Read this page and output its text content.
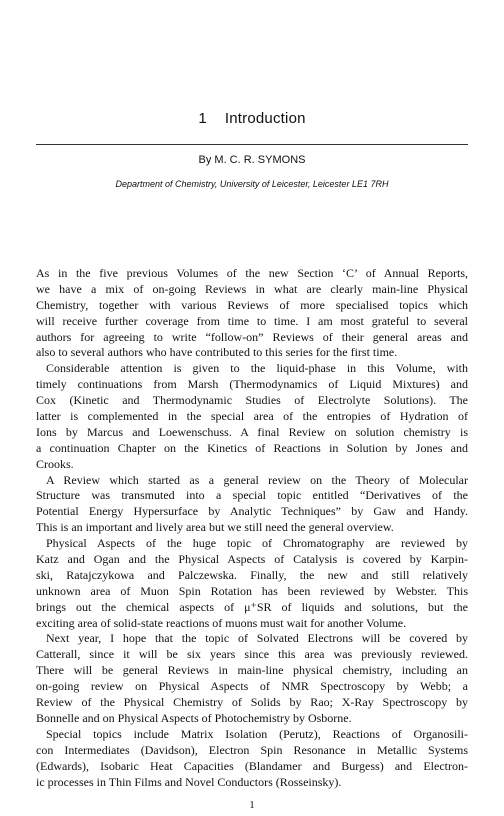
1 Introduction
By M. C. R. SYMONS
Department of Chemistry, University of Leicester, Leicester LE1 7RH
As in the five previous Volumes of the new Section ‘C’ of Annual Reports,
we have a mix of on-going Reviews in what are clearly main-line Physical
Chemistry, together with various Reviews of more specialised topics which
will receive further coverage from time to time. I am most grateful to several
authors for agreeing to write “follow-on” Reviews of their general areas and
also to several authors who have contributed to this series for the first time.
Considerable attention is given to the liquid-phase in this Volume, with
timely continuations from Marsh (Thermodynamics of Liquid Mixtures) and
Cox (Kinetic and Thermodynamic Studies of Electrolyte Solutions). The
latter is complemented in the special area of the entropies of Hydration of
Ions by Marcus and Loewenschuss. A final Review on solution chemistry is
a continuation Chapter on the Kinetics of Reactions in Solution by Jones and
Crooks.
A Review which started as a general review on the Theory of Molecular
Structure was transmuted into a special topic entitled “Derivatives of the
Potential Energy Hypersurface by Analytic Techniques” by Gaw and Handy.
This is an important and lively area but we still need the general overview.
Physical Aspects of the huge topic of Chromatography are reviewed by
Katz and Ogan and the Physical Aspects of Catalysis is covered by Karpin-
ski, Ratajczykowa and Palczewska. Finally, the new and still relatively
unknown area of Muon Spin Rotation has been reviewed by Webster. This
brings out the chemical aspects of μ⁺SR of liquids and solutions, but the
exciting area of solid-state reactions of muons must wait for another Volume.
Next year, I hope that the topic of Solvated Electrons will be covered by
Catterall, since it will be six years since this area was previously reviewed.
There will be general Reviews in main-line physical chemistry, including an
on-going review on Physical Aspects of NMR Spectroscopy by Webb; a
Review of the Physical Chemistry of Solids by Rao; X-Ray Spectroscopy by
Bonnelle and on Physical Aspects of Photochemistry by Osborne.
Special topics include Matrix Isolation (Perutz), Reactions of Organosili-
con Intermediates (Davidson), Electron Spin Resonance in Metallic Systems
(Edwards), Isobaric Heat Capacities (Blandamer and Burgess) and Electron-
ic processes in Thin Films and Novel Conductors (Rosseinsky).
1
